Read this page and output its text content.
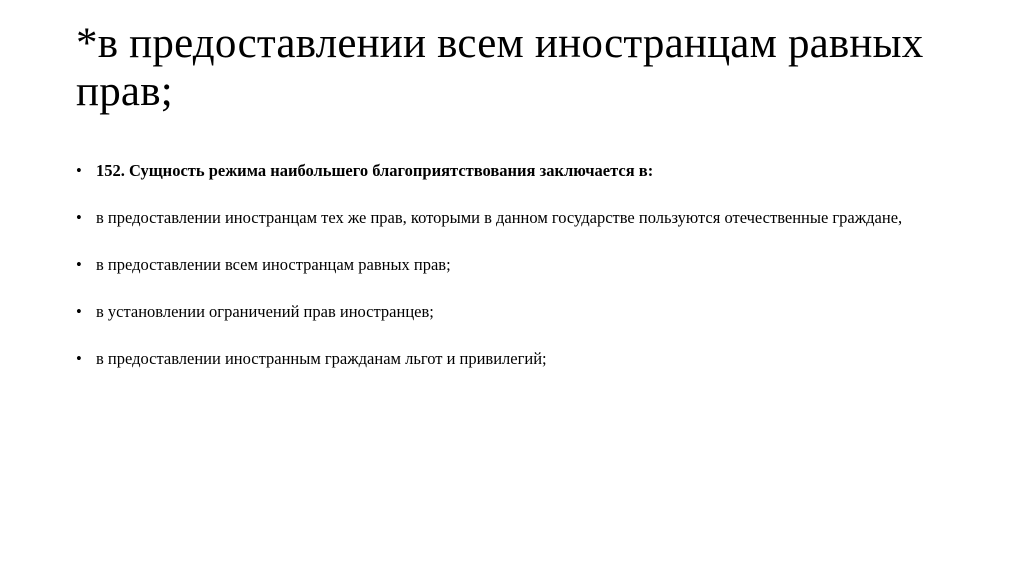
*в предоставлении всем иностранцам равных прав;
• 152. Сущность режима наибольшего благоприятствования заключается в:
• в предоставлении иностранцам тех же прав, которыми в данном государстве пользуются отечественные граждане,
• в предоставлении всем иностранцам равных прав;
• в установлении ограничений прав иностранцев;
• в предоставлении иностранным гражданам льгот и привилегий;
